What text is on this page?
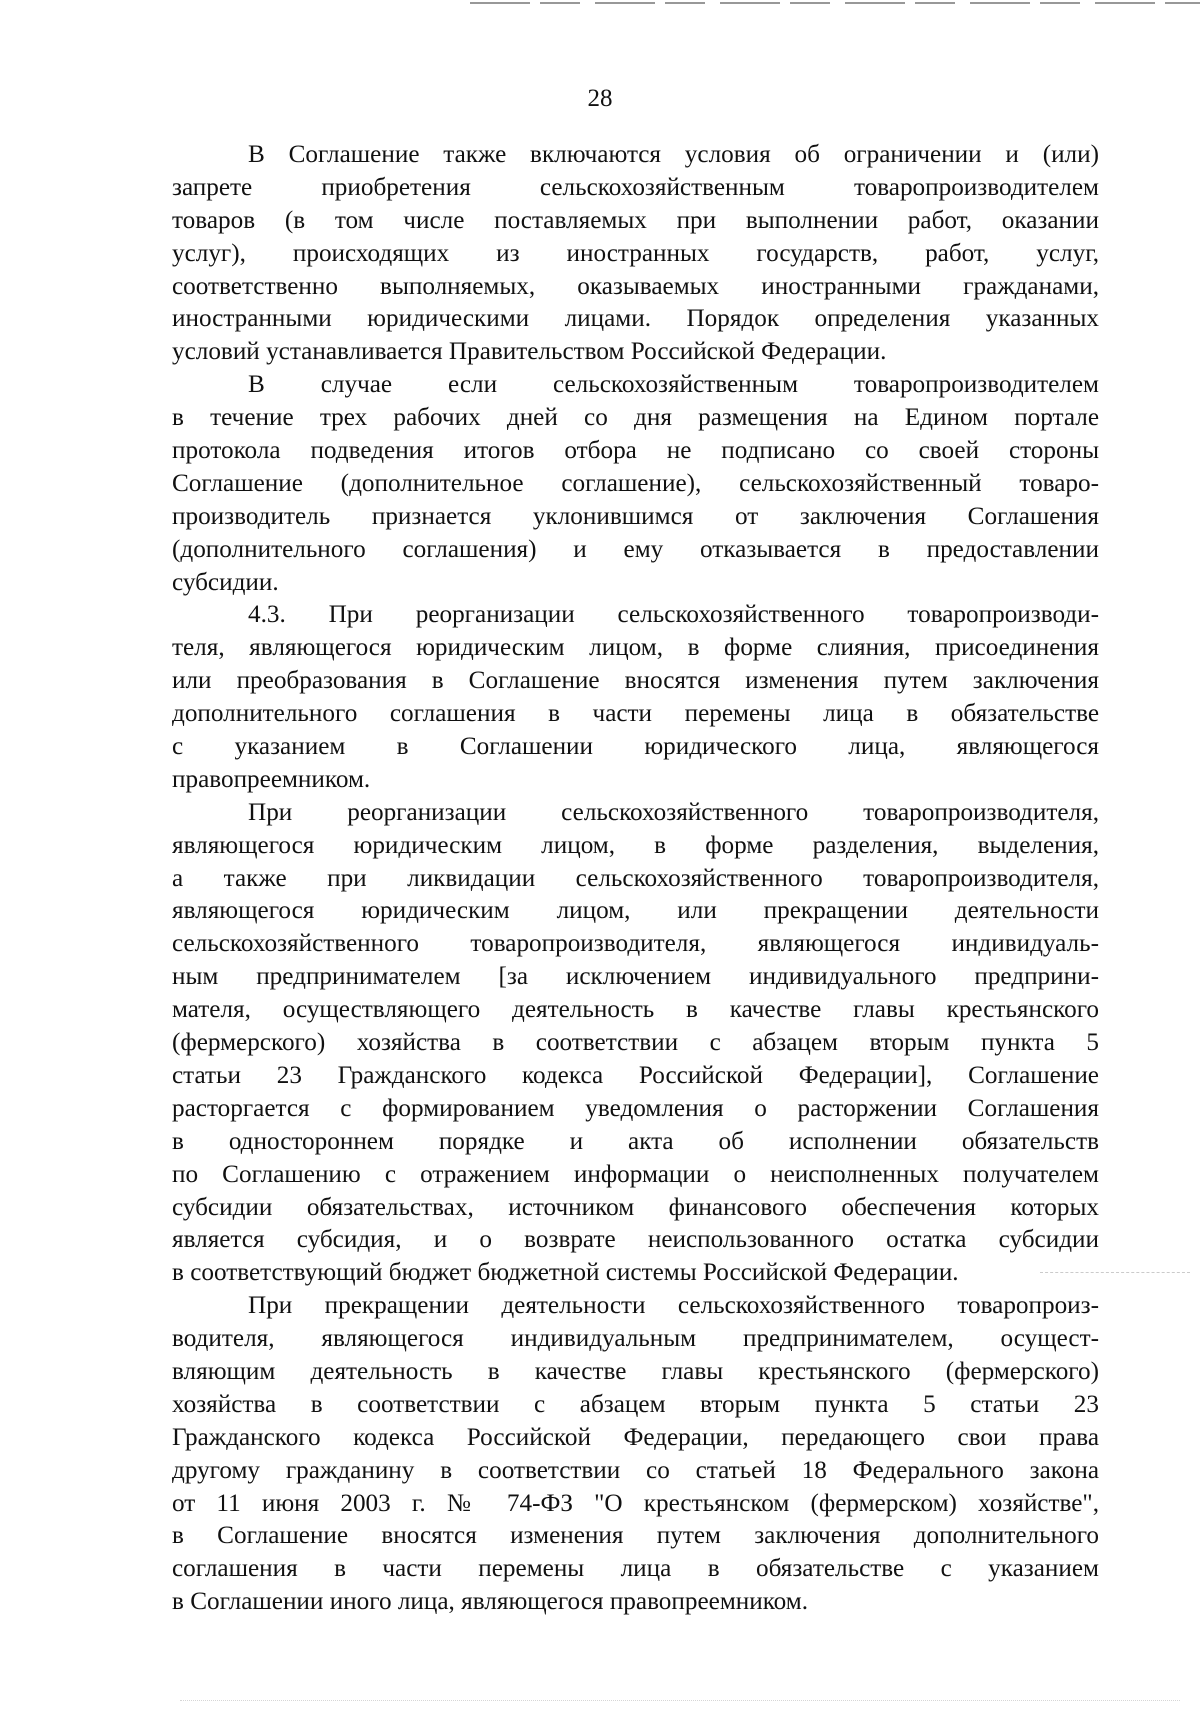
28
В Соглашение также включаются условия об ограничении и (или)
запрете приобретения сельскохозяйственным товаропроизводителем
товаров (в том числе поставляемых при выполнении работ, оказании
услуг), происходящих из иностранных государств, работ, услуг,
соответственно выполняемых, оказываемых иностранными гражданами,
иностранными юридическими лицами. Порядок определения указанных
условий устанавливается Правительством Российской Федерации.
В случае если сельскохозяйственным товаропроизводителем
в течение трех рабочих дней со дня размещения на Едином портале
протокола подведения итогов отбора не подписано со своей стороны
Соглашение (дополнительное соглашение), сельскохозяйственный товаро-
производитель признается уклонившимся от заключения Соглашения
(дополнительного соглашения) и ему отказывается в предоставлении
субсидии.
4.3. При реорганизации сельскохозяйственного товаропроизводи-
теля, являющегося юридическим лицом, в форме слияния, присоединения
или преобразования в Соглашение вносятся изменения путем заключения
дополнительного соглашения в части перемены лица в обязательстве
с указанием в Соглашении юридического лица, являющегося
правопреемником.
При реорганизации сельскохозяйственного товаропроизводителя,
являющегося юридическим лицом, в форме разделения, выделения,
а также при ликвидации сельскохозяйственного товаропроизводителя,
являющегося юридическим лицом, или прекращении деятельности
сельскохозяйственного товаропроизводителя, являющегося индивидуаль-
ным предпринимателем [за исключением индивидуального предприни-
мателя, осуществляющего деятельность в качестве главы крестьянского
(фермерского) хозяйства в соответствии с абзацем вторым пункта 5
статьи 23 Гражданского кодекса Российской Федерации], Соглашение
расторгается с формированием уведомления о расторжении Соглашения
в одностороннем порядке и акта об исполнении обязательств
по Соглашению с отражением информации о неисполненных получателем
субсидии обязательствах, источником финансового обеспечения которых
является субсидия, и о возврате неиспользованного остатка субсидии
в соответствующий бюджет бюджетной системы Российской Федерации.
При прекращении деятельности сельскохозяйственного товаропроиз-
водителя, являющегося индивидуальным предпринимателем, осущест-
вляющим деятельность в качестве главы крестьянского (фермерского)
хозяйства в соответствии с абзацем вторым пункта 5 статьи 23
Гражданского кодекса Российской Федерации, передающего свои права
другому гражданину в соответствии со статьей 18 Федерального закона
от 11 июня 2003 г. № 74-ФЗ "О крестьянском (фермерском) хозяйстве",
в Соглашение вносятся изменения путем заключения дополнительного
соглашения в части перемены лица в обязательстве с указанием
в Соглашении иного лица, являющегося правопреемником.
